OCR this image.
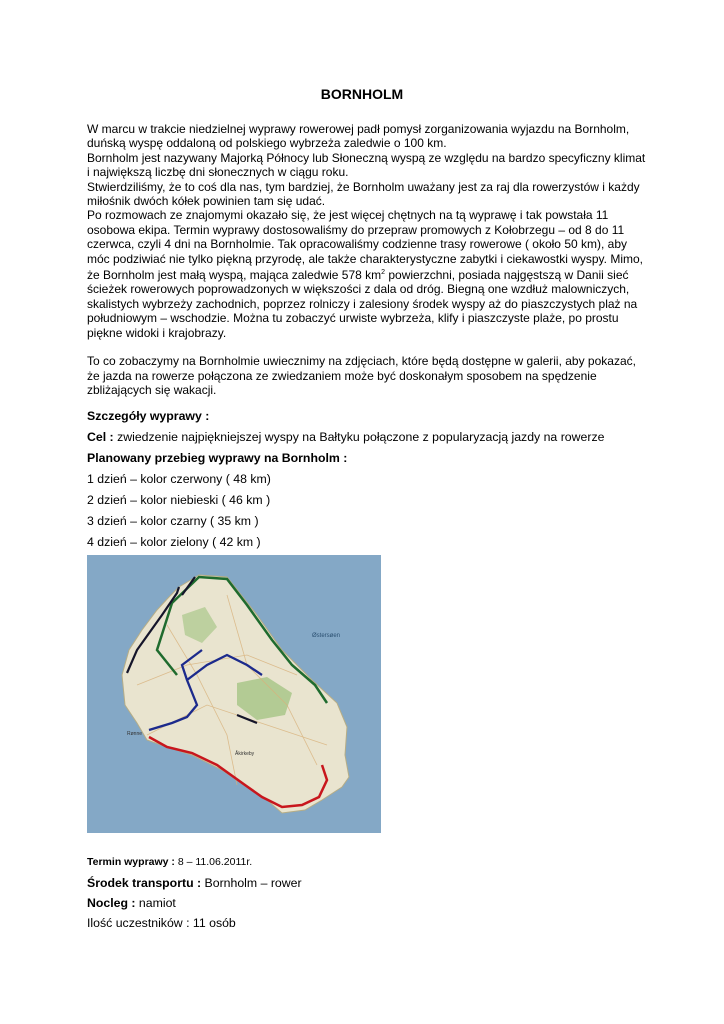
BORNHOLM

W marcu w trakcie niedzielnej wyprawy rowerowej padł pomysł zorganizowania wyjazdu na Bornholm, duńską wyspę oddaloną od polskiego wybrzeża zaledwie o 100 km.

Bornholm jest nazywany Majorką Północy lub Słoneczną wyspą ze względu na bardzo specyficzny klimat i największą liczbę dni słonecznych w ciągu roku.

Stwierdziliśmy, że to coś dla nas, tym bardziej, że Bornholm uważany jest za raj dla rowerzystów i każdy miłośnik dwóch kółek powinien tam się udać.

Po rozmowach ze znajomymi okazało się, że jest więcej chętnych na tą wyprawę i tak powstała 11 osobowa ekipa. Termin wyprawy dostosowaliśmy do przepraw promowych z Kołobrzegu – od 8 do 11 czerwca, czyli 4 dni na Bornholmie. Tak opracowaliśmy codzienne trasy rowerowe ( około 50 km), aby móc podziwiać nie tylko piękną przyrodę, ale także charakterystyczne zabytki i ciekawostki wyspy. Mimo, że Bornholm jest małą wyspą, mająca zaledwie 578 $km^2$ powierzchni, posiada najgęstszą w Danii sieć ścieżek rowerowych poprowadzonych w większości z dala od dróg. Biegną one wzdłuż malowniczych, skalistych wybrzeży zachodnich, poprzez rolniczy i zalesiony środek wyspy aż do piaszczystych plaż na południowym – wschodzie. Można tu zobaczyć urwiste wybrzeża, klify i piaszczyste plaże, po prostu piękne widoki i krajobrazy.

To co zobaczymy na Bornholmie uwiecznimy na zdjęciach, które będą dostępne w galerii, aby pokazać, że jazda na rowerze połączona ze zwiedzaniem może być doskonałym sposobem na spędzenie zbliżających się wakacji.

Szczegóły wyprawy :
Cel : zwiedzenie najpiękniejszej wyspy na Bałtyku połączone z popularyzacją jazdy na rowerze
Planowany przebieg wyprawy na Bornholm :
1 dzień – kolor czerwony ( 48 km)
2 dzień – kolor niebieski ( 46 km )
3 dzień – kolor czarny ( 35 km )
4 dzień – kolor zielony ( 42 km )
Østersøen
Rønne
Åkirkeby
Termin wyprawy : 8 – 11.06.2011r.
Środek transportu : Bornholm – rower
Nocleg : namiot
Ilość uczestników : 11 osób
